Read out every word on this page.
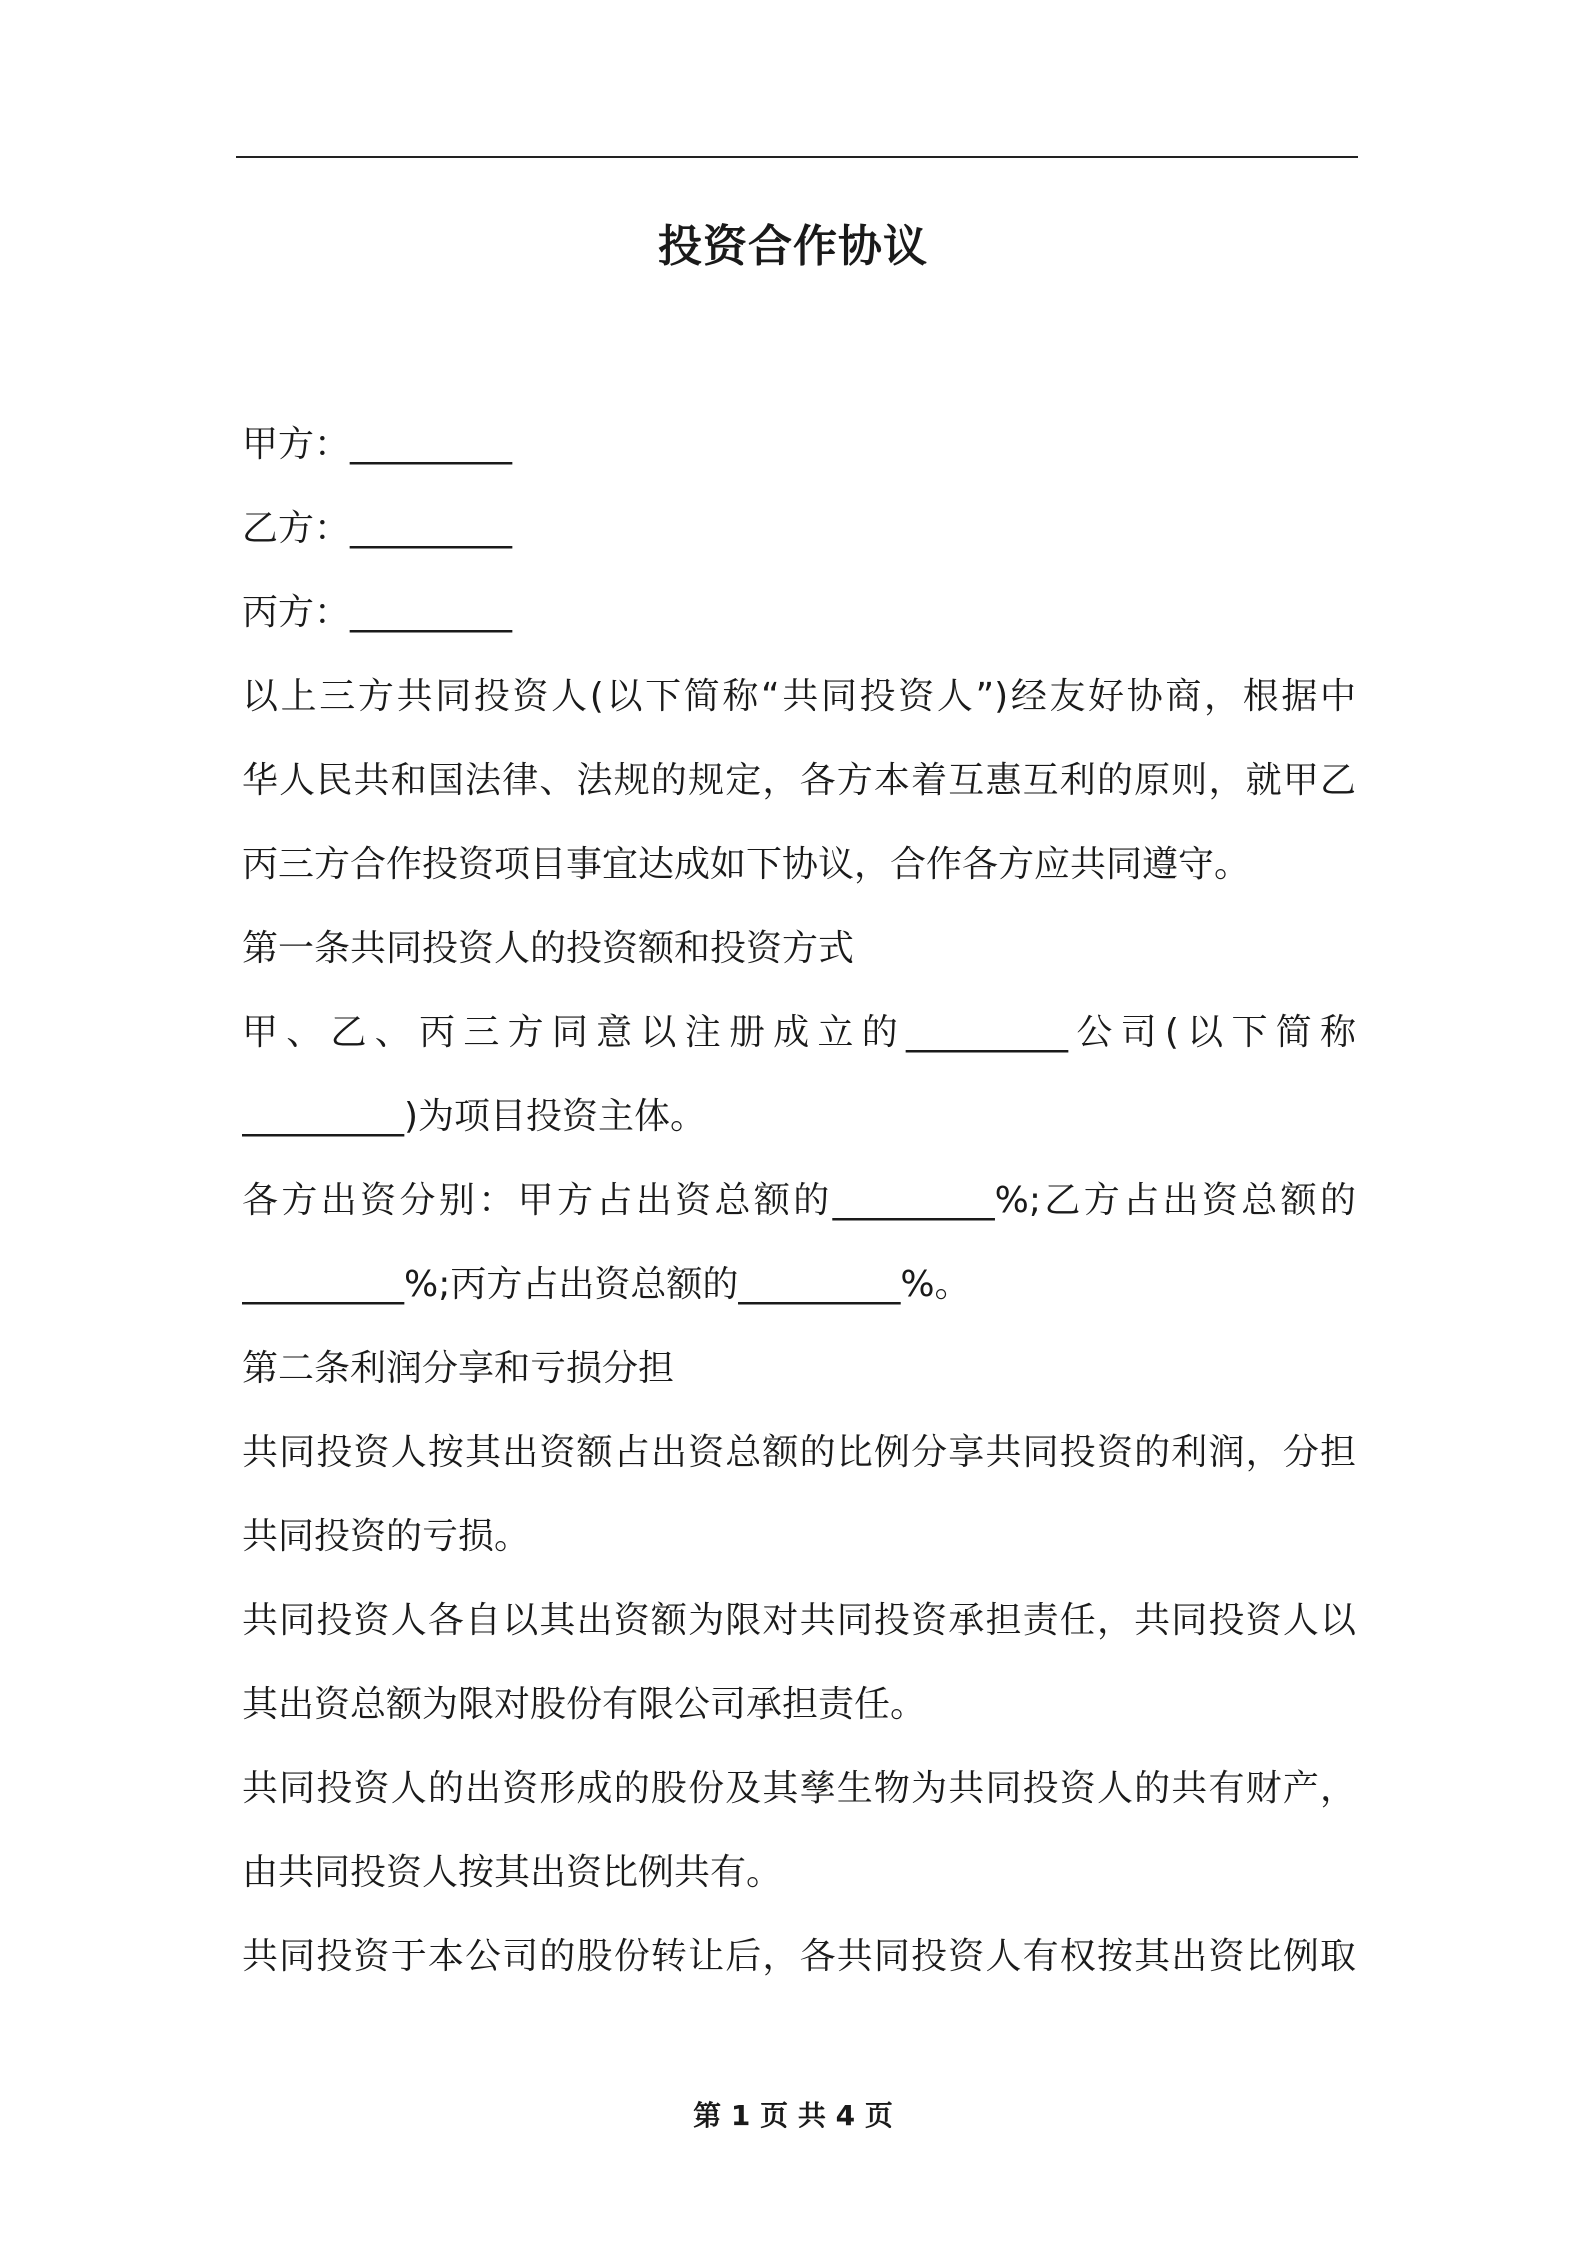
投资合作协议
甲方：_________
乙方：_________
丙方：_________
以上三方共同投资人(以下简称“共同投资人”)经友好协商，根据中
华人民共和国法律、法规的规定，各方本着互惠互利的原则，就甲乙
丙三方合作投资项目事宜达成如下协议，合作各方应共同遵守。
第一条共同投资人的投资额和投资方式
甲、乙、丙三方同意以注册成立的_________公司(以下简称
_________)为项目投资主体。
各方出资分别：甲方占出资总额的_________%;乙方占出资总额的
_________%;丙方占出资总额的_________%。
第二条利润分享和亏损分担
共同投资人按其出资额占出资总额的比例分享共同投资的利润，分担
共同投资的亏损。
共同投资人各自以其出资额为限对共同投资承担责任，共同投资人以
其出资总额为限对股份有限公司承担责任。
共同投资人的出资形成的股份及其孳生物为共同投资人的共有财产，
由共同投资人按其出资比例共有。
共同投资于本公司的股份转让后，各共同投资人有权按其出资比例取
第 1 页 共 4 页
